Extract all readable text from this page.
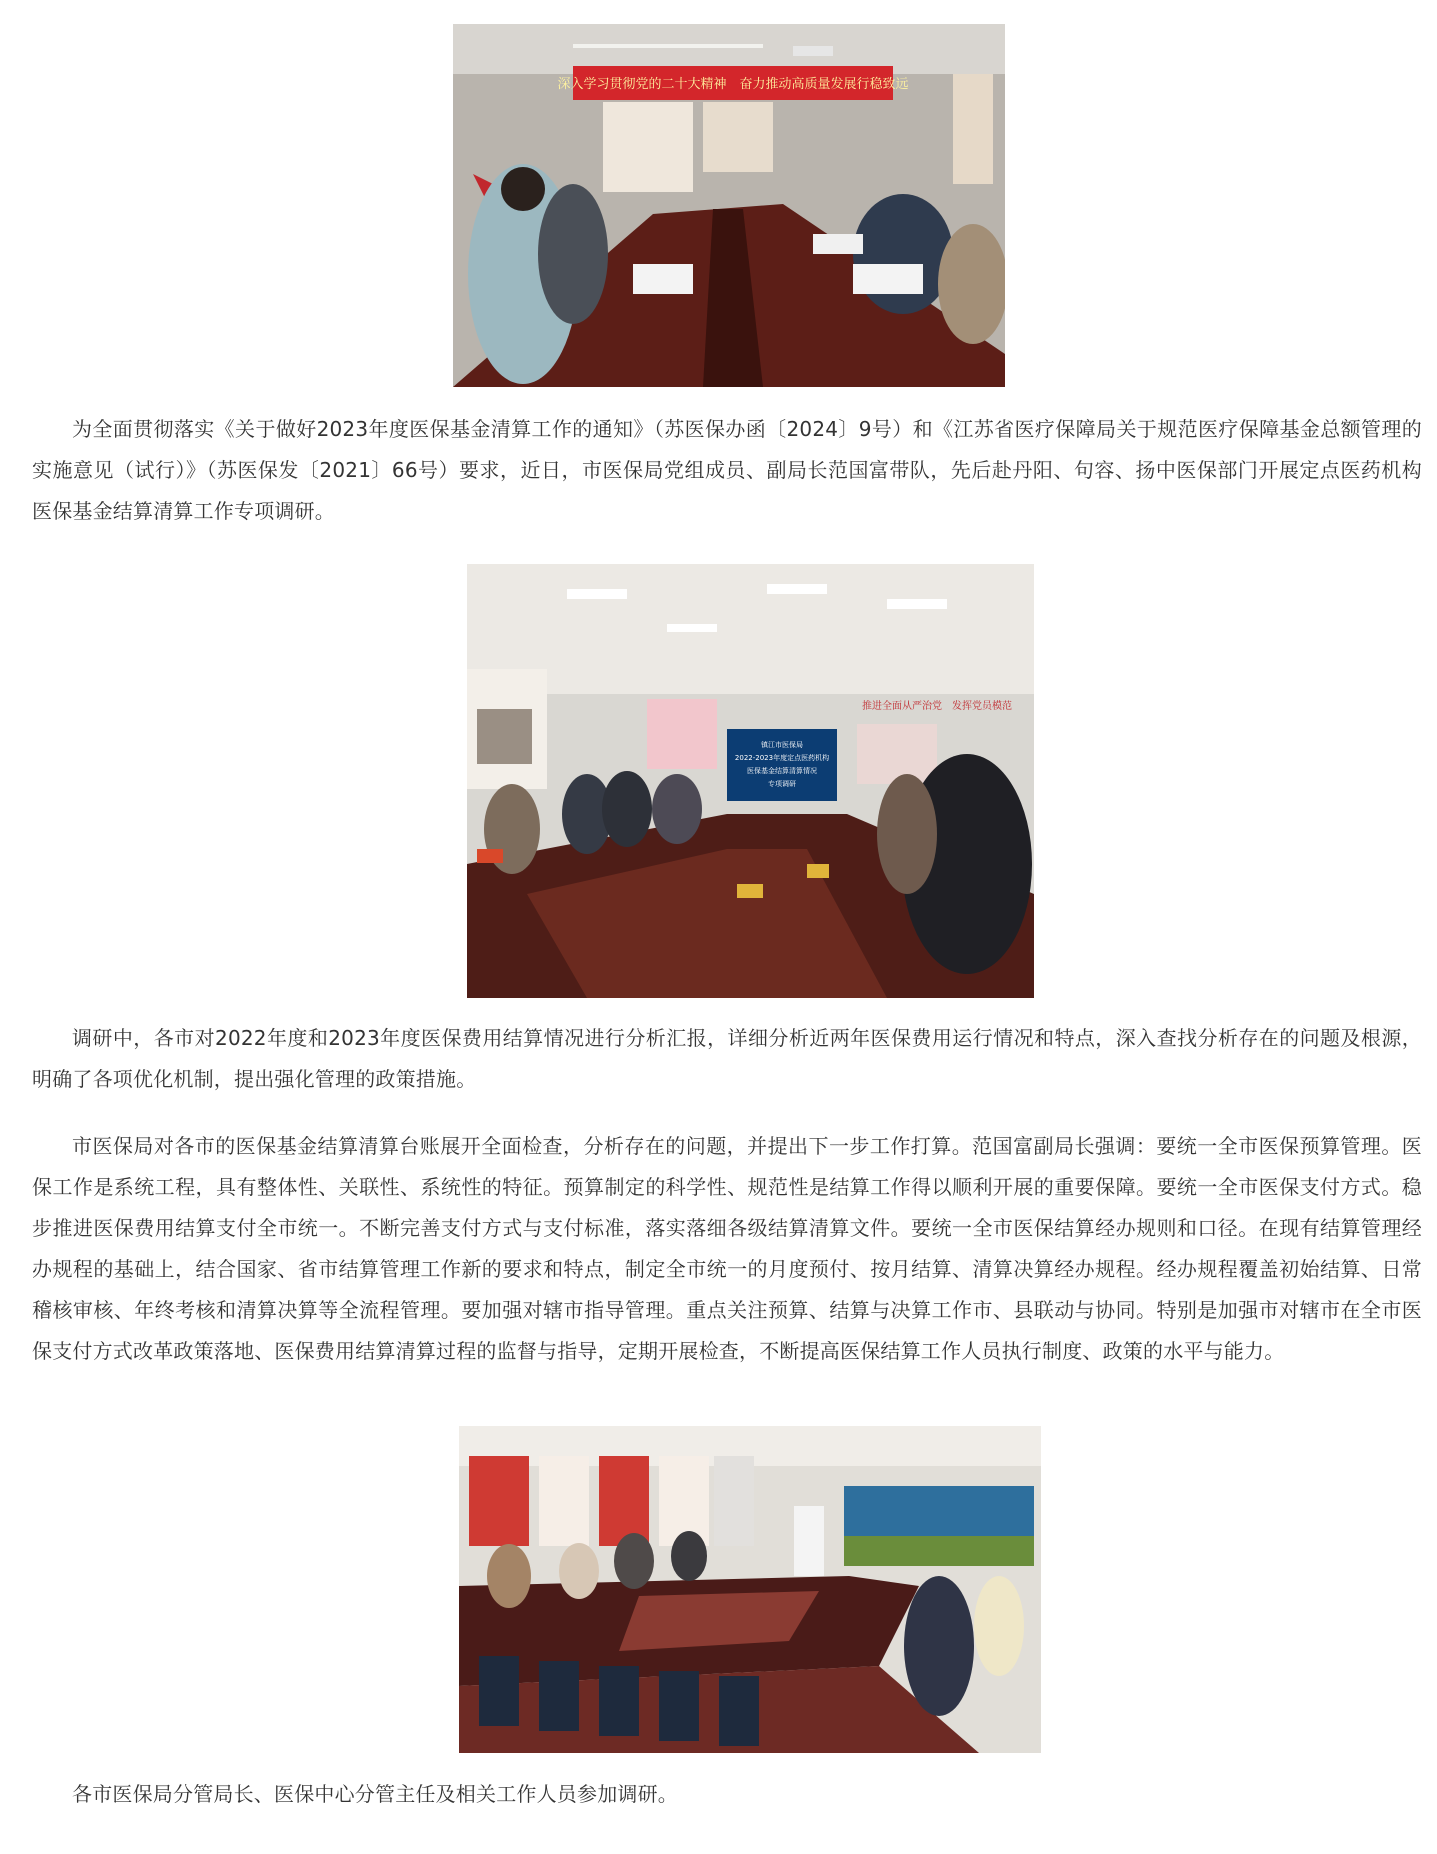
深入学习贯彻党的二十大精神　奋力推动高质量发展行稳致远

为全面贯彻落实《关于做好2023年度医保基金清算工作的通知》（苏医保办函〔2024〕9号）和《江苏省医疗保障局关于规范医疗保障基金总额管理的实施意见（试行）》（苏医保发〔2021〕66号）要求，近日，市医保局党组成员、副局长范国富带队，先后赴丹阳、句容、扬中医保部门开展定点医药机构医保基金结算清算工作专项调研。

镇江市医保局
2022-2023年度定点医药机构
医保基金结算清算情况
专项调研
推进全面从严治党　发挥党员模范

调研中，各市对2022年度和2023年度医保费用结算情况进行分析汇报，详细分析近两年医保费用运行情况和特点，深入查找分析存在的问题及根源，明确了各项优化机制，提出强化管理的政策措施。

市医保局对各市的医保基金结算清算台账展开全面检查，分析存在的问题，并提出下一步工作打算。范国富副局长强调：要统一全市医保预算管理。医保工作是系统工程，具有整体性、关联性、系统性的特征。预算制定的科学性、规范性是结算工作得以顺利开展的重要保障。要统一全市医保支付方式。稳步推进医保费用结算支付全市统一。不断完善支付方式与支付标准，落实落细各级结算清算文件。要统一全市医保结算经办规则和口径。在现有结算管理经办规程的基础上，结合国家、省市结算管理工作新的要求和特点，制定全市统一的月度预付、按月结算、清算决算经办规程。经办规程覆盖初始结算、日常稽核审核、年终考核和清算决算等全流程管理。要加强对辖市指导管理。重点关注预算、结算与决算工作市、县联动与协同。特别是加强市对辖市在全市医保支付方式改革政策落地、医保费用结算清算过程的监督与指导，定期开展检查，不断提高医保结算工作人员执行制度、政策的水平与能力。

各市医保局分管局长、医保中心分管主任及相关工作人员参加调研。
